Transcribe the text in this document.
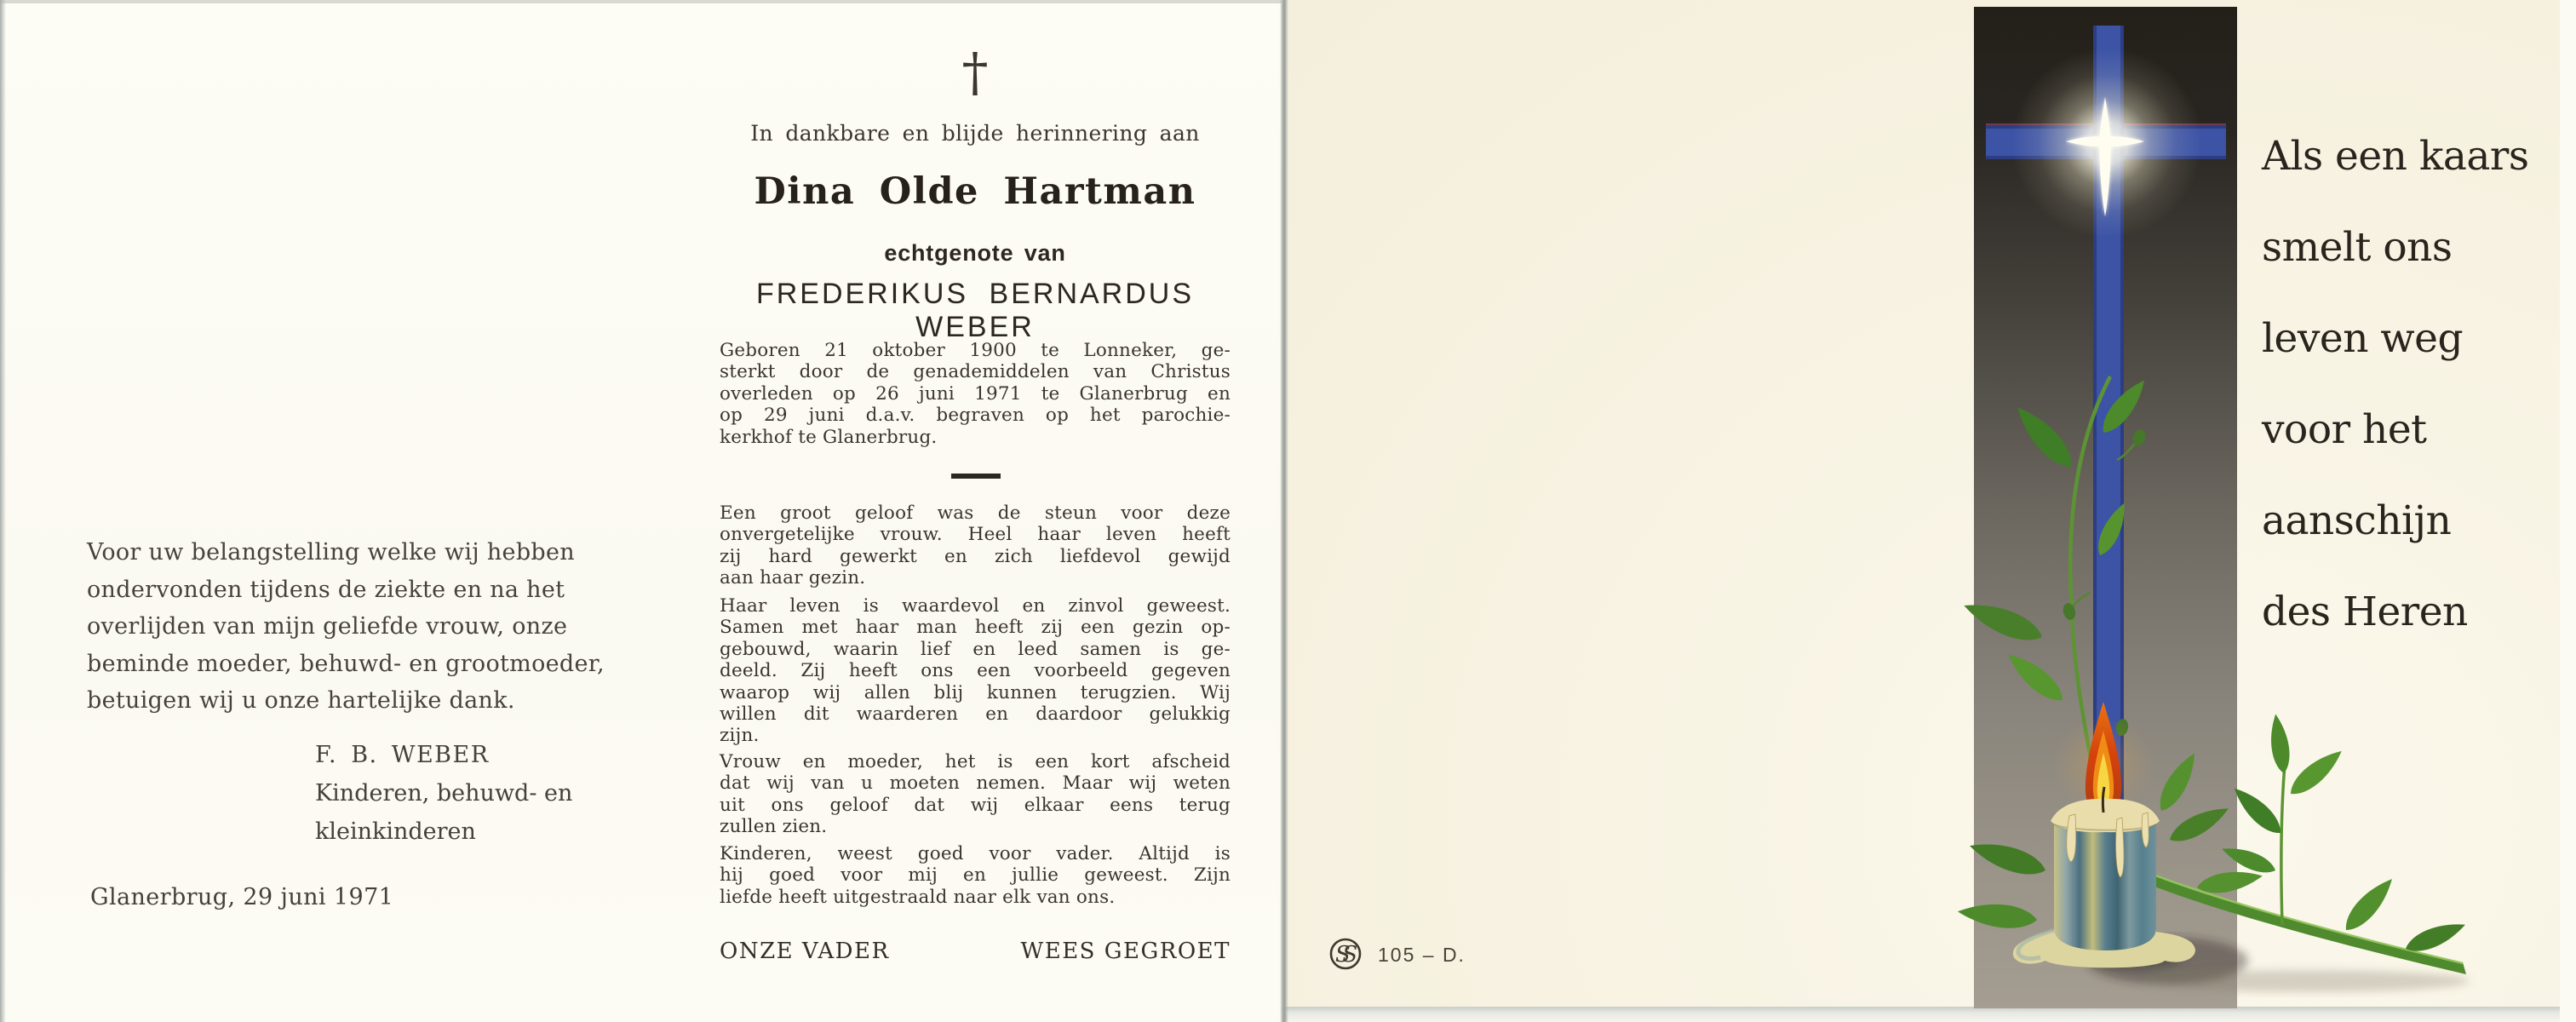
Voor uw belangstelling welke wij hebben
ondervonden tijdens de ziekte en na het
overlijden van mijn geliefde vrouw, onze
beminde moeder, behuwd- en grootmoeder,
betuigen wij u onze hartelijke dank.
F. B. WEBER
Kinderen, behuwd- en
kleinkinderen
Glanerbrug, 29 juni 1971
†
In dankbare en blijde herinnering aan
Dina Olde Hartman
echtgenote van
FREDERIKUS BERNARDUS WEBER
Geboren 21 oktober 1900 te Lonneker, ge-
sterkt door de genademiddelen van Christus
overleden op 26 juni 1971 te Glanerbrug en
op 29 juni d.a.v. begraven op het parochie-
kerkhof te Glanerbrug.
Een groot geloof was de steun voor deze
onvergetelijke vrouw. Heel haar leven heeft
zij hard gewerkt en zich liefdevol gewijd
aan haar gezin.
Haar leven is waardevol en zinvol geweest.
Samen met haar man heeft zij een gezin op-
gebouwd, waarin lief en leed samen is ge-
deeld. Zij heeft ons een voorbeeld gegeven
waarop wij allen blij kunnen terugzien. Wij
willen dit waarderen en daardoor gelukkig
zijn.
Vrouw en moeder, het is een kort afscheid
dat wij van u moeten nemen. Maar wij weten
uit ons geloof dat wij elkaar eens terug
zullen zien.
Kinderen, weest goed voor vader. Altijd is
hij goed voor mij en jullie geweest. Zijn
liefde heeft uitgestraald naar elk van ons.
ONZE VADER	WEES GEGROET	SS	105 – D.
Als een kaars
smelt ons
leven weg
voor het
aanschijn
des Heren
